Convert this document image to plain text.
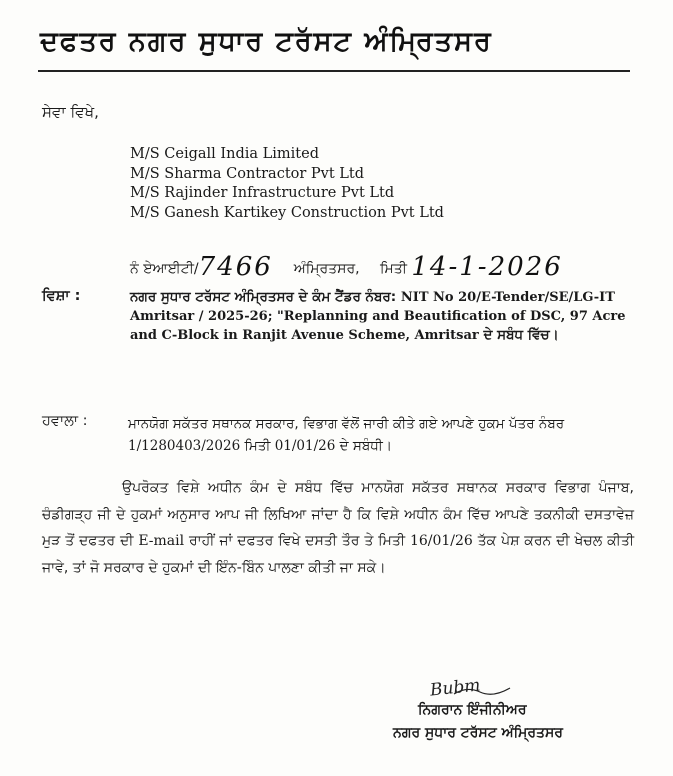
ਦਫਤਰ ਨਗਰ ਸੁਧਾਰ ਟਰੱਸਟ ਅੰਮ੍ਰਿਤਸਰ
ਸੇਵਾ ਵਿਖੇ,
M/S Ceigall India Limited
M/S Sharma Contractor Pvt Ltd
M/S Rajinder Infrastructure Pvt Ltd
M/S Ganesh Kartikey Construction Pvt Ltd
ਨੰ ਏਆਈਟੀ/7466 ਅੰਮ੍ਰਿਤਸਰ, ਮਿਤੀ 14-1-2026
ਵਿਸ਼ਾ :	ਨਗਰ ਸੁਧਾਰ ਟਰੱਸਟ ਅੰਮ੍ਰਿਤਸਰ ਦੇ ਕੰਮ ਟੈਂਡਰ ਨੰਬਰ: NIT No 20/E-Tender/SE/LG-IT Amritsar / 2025-26; "Replanning and Beautification of DSC, 97 Acre and C-Block in Ranjit Avenue Scheme, Amritsar ਦੇ ਸਬੰਧ ਵਿੱਚ।
ਹਵਾਲਾ :	ਮਾਨਯੋਗ ਸਕੱਤਰ ਸਥਾਨਕ ਸਰਕਾਰ, ਵਿਭਾਗ ਵੱਲੋਂ ਜਾਰੀ ਕੀਤੇ ਗਏ ਆਪਣੇ ਹੁਕਮ ਪੱਤਰ ਨੰਬਰ 1/1280403/2026 ਮਿਤੀ 01/01/26 ਦੇ ਸਬੰਧੀ।
ਉਪਰੋਕਤ ਵਿਸ਼ੇ ਅਧੀਨ ਕੰਮ ਦੇ ਸਬੰਧ ਵਿੱਚ ਮਾਨਯੋਗ ਸਕੱਤਰ ਸਥਾਨਕ ਸਰਕਾਰ ਵਿਭਾਗ ਪੰਜਾਬ, ਚੰਡੀਗੜ੍ਹ ਜੀ ਦੇ ਹੁਕਮਾਂ ਅਨੁਸਾਰ ਆਪ ਜੀ ਲਿਖਿਆ ਜਾਂਦਾ ਹੈ ਕਿ ਵਿਸ਼ੇ ਅਧੀਨ ਕੰਮ ਵਿੱਚ ਆਪਣੇ ਤਕਨੀਕੀ ਦਸਤਾਵੇਜ਼ ਮੁੜ ਤੋਂ ਦਫਤਰ ਦੀ E-mail ਰਾਹੀਂ ਜਾਂ ਦਫਤਰ ਵਿਖੇ ਦਸਤੀ ਤੌਰ ਤੇ ਮਿਤੀ 16/01/26 ਤੱਕ ਪੇਸ਼ ਕਰਨ ਦੀ ਖੇਚਲ ਕੀਤੀ ਜਾਵੇ, ਤਾਂ ਜੋ ਸਰਕਾਰ ਦੇ ਹੁਕਮਾਂ ਦੀ ਇੰਨ-ਬਿੰਨ ਪਾਲਣਾ ਕੀਤੀ ਜਾ ਸਕੇ।
Bubm
ਨਿਗਰਾਨ ਇੰਜੀਨੀਅਰ
ਨਗਰ ਸੁਧਾਰ ਟਰੱਸਟ ਅੰਮ੍ਰਿਤਸਰ
